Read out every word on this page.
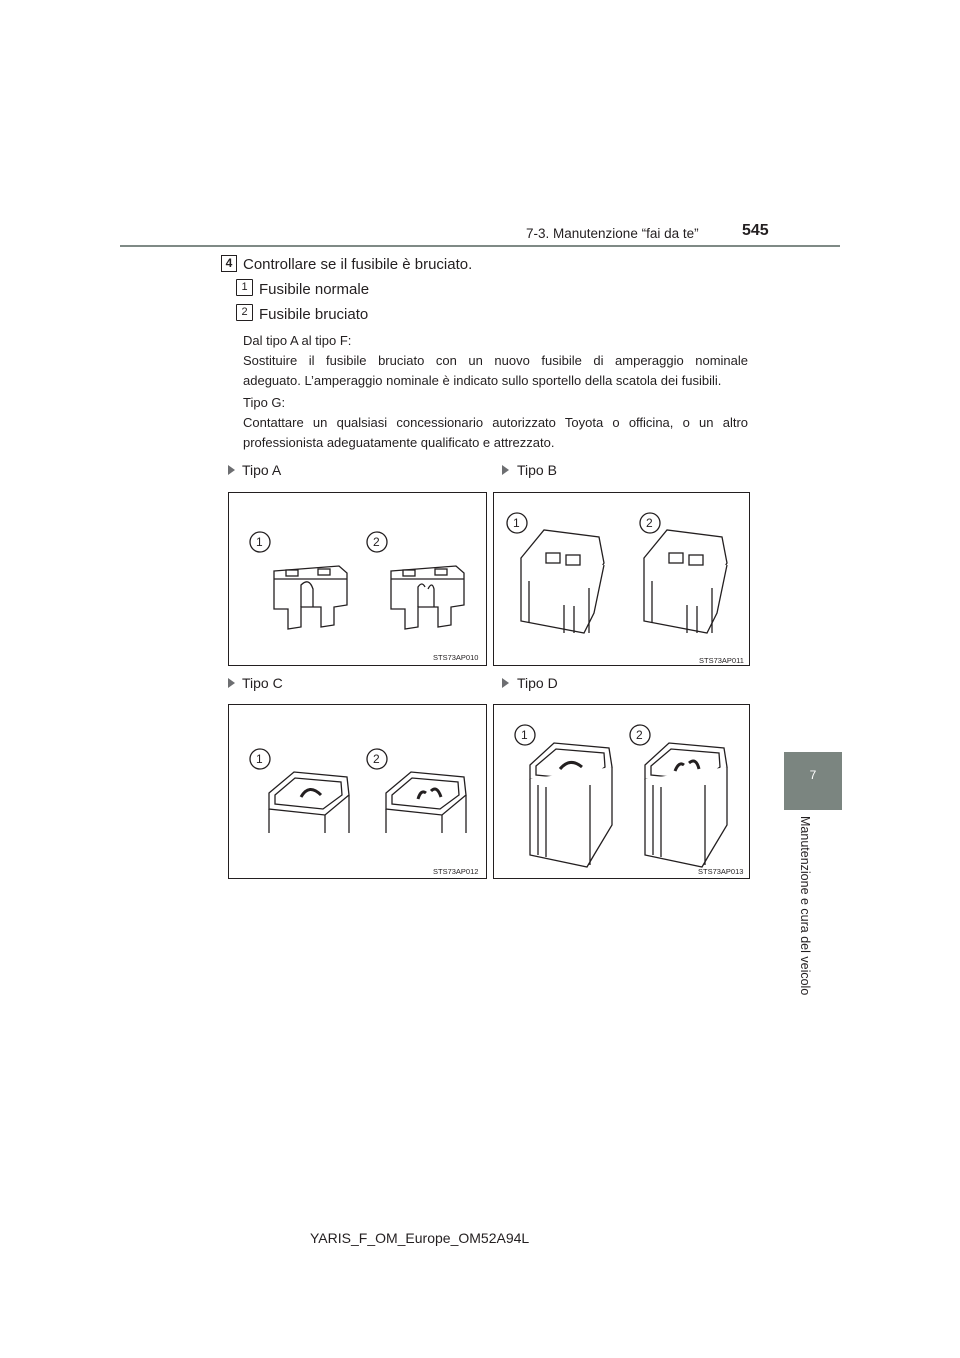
7-3. Manutenzione “fai da te”	545
7
Manutenzione e cura del veicolo
4 Controllare se il fusibile è bruciato.
1 Fusibile normale
2 Fusibile bruciato
Dal tipo A al tipo F:
Sostituire il fusibile bruciato con un nuovo fusibile di amperaggio nominale
adeguato. L’amperaggio nominale è indicato sullo sportello della scatola dei fusibili.
Tipo G:
Contattare un qualsiasi concessionario autorizzato Toyota o officina, o un altro
professionista adeguatamente qualificato e attrezzato.
Tipo A	Tipo B
Tipo C	Tipo D
1	2
STS73AP010
1	2
STS73AP011
1	2
STS73AP012
1	2
STS73AP013
YARIS_F_OM_Europe_OM52A94L
